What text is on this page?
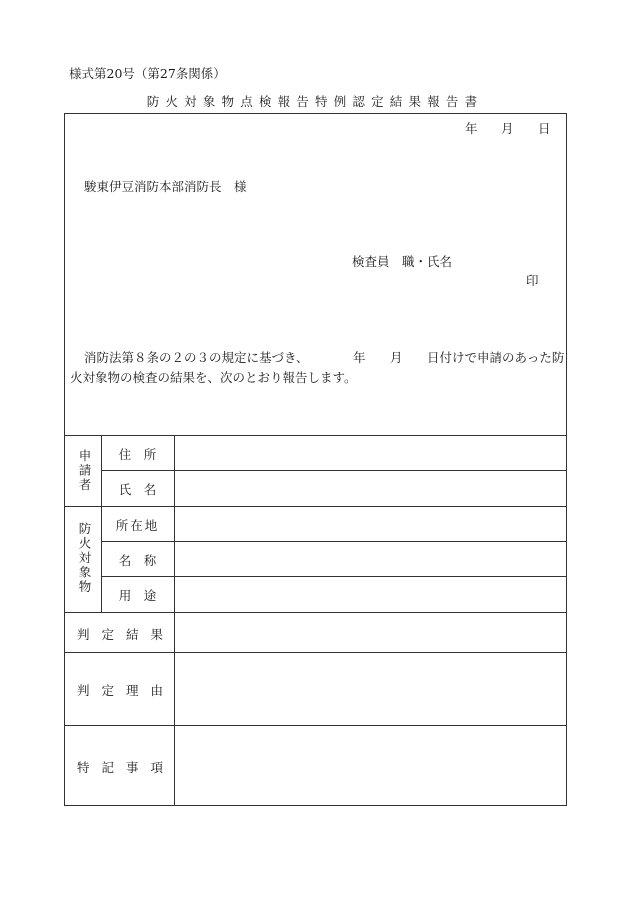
様式第20号（第27条関係）
防火対象物点検報告特例認定結果報告書
年 月 日
駿東伊豆消防本部消防長　様
検査員　職・氏名
印
消防法第８条の２の３の規定に基づき、	年 月 日付けで申請のあった防
火対象物の検査の結果を、次のとおり報告します。
申請者	住　所
氏　名
防火対象物	所在地
名　称
用　途
判定結果
判定理由
特記事項
